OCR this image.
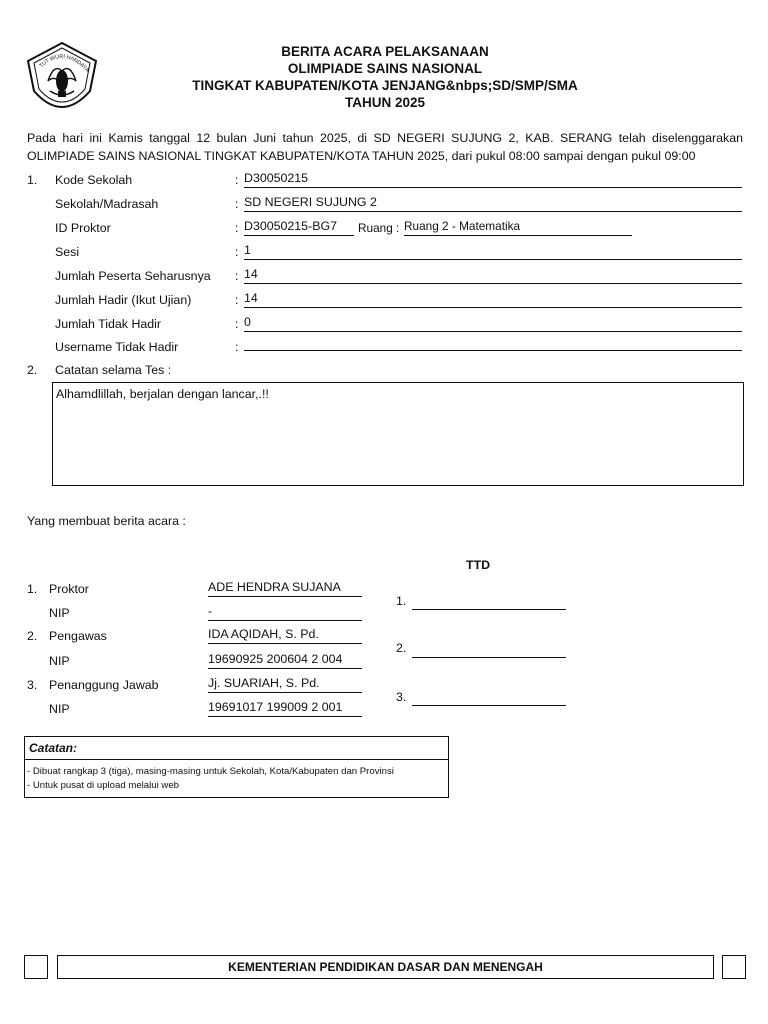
TUT WURI HANDAYA
BERITA ACARA PELAKSANAAN
OLIMPIADE SAINS NASIONAL
TINGKAT KABUPATEN/KOTA JENJANG&nbps;SD/SMP/SMA
TAHUN 2025
Pada hari ini Kamis tanggal 12 bulan Juni tahun 2025, di SD NEGERI SUJUNG 2, KAB. SERANG telah diselenggarakan
OLIMPIADE SAINS NASIONAL TINGKAT KABUPATEN/KOTA TAHUN 2025, dari pukul 08:00 sampai dengan pukul 09:00
1. Kode Sekolah	: D30050215
Sekolah/Madrasah	: SD NEGERI SUJUNG 2
ID Proktor	: D30050215-BG7	Ruang : Ruang 2 - Matematika
Sesi	: 1
Jumlah Peserta Seharusnya : 14
Jumlah Hadir (Ikut Ujian)	: 14
Jumlah Tidak Hadir	: 0
Username Tidak Hadir	:
2. Catatan selama Tes :
Alhamdlillah, berjalan dengan lancar,.!!
Yang membuat berita acara :
TTD
1. Proktor	ADE HENDRA SUJANA
NIP	-
2. Pengawas	IDA AQIDAH, S. Pd.
NIP	19690925 200604 2 004
3. Penanggung Jawab	Jj. SUARIAH, S. Pd.
NIP	19691017 199009 2 001
1.
2.
3.
Catatan:
- Dibuat rangkap 3 (tiga), masing-masing untuk Sekolah, Kota/Kabupaten dan Provinsi
- Untuk pusat di upload melalui web
KEMENTERIAN PENDIDIKAN DASAR DAN MENENGAH
